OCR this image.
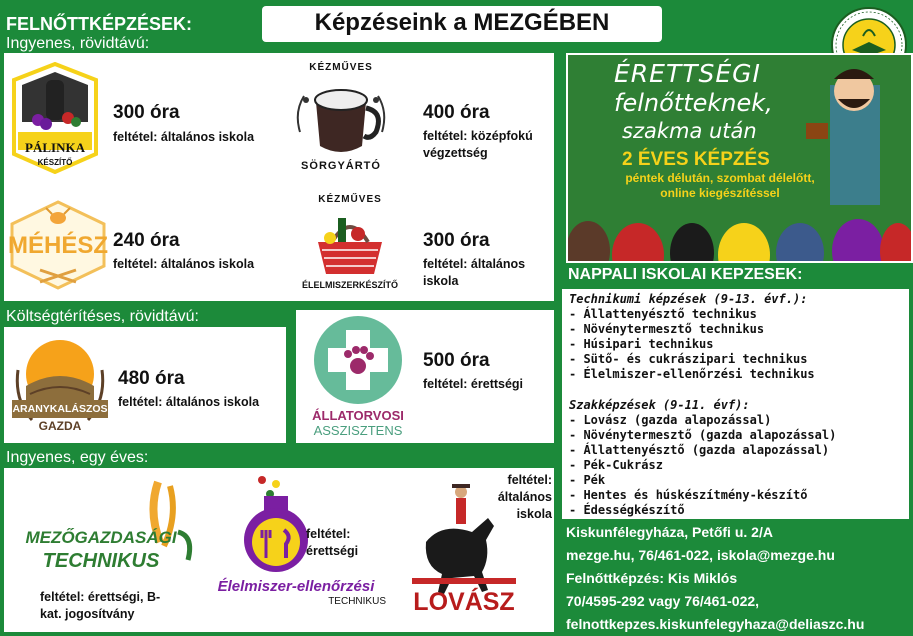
FELNŐTTKÉPZÉSEK:
Ingyenes, rövidtávú:
Képzéseink a MEZGÉBEN
PÁLINKA
KÉSZÍTŐ
300 óra
feltétel: általános iskola
KÉZMŰVES
SÖRGYÁRTÓ
400 óra
feltétel: középfokú végzettség
MÉHÉSZ 240 óra
feltétel: általános iskola
KÉZMŰVES
ÉLELMISZERKÉSZÍTŐ
300 óra
feltétel: általános iskola
Költségtérítéses, rövidtávú:
ARANYKALÁSZOS
GAZDA
480 óra
feltétel: általános iskola
ÁLLATORVOSI
ASSZISZTENS
500 óra
feltétel: érettségi
Ingyenes, egy éves:
MEZŐGAZDASÁGI
TECHNIKUS
feltétel: érettségi, B-kat. jogosítvány
Élelmiszer-ellenőrzési
TECHNIKUS
feltétel: érettségi
LOVÁSZ
feltétel: általános iskola
ÉRETTSÉGI
felnőtteknek,
szakma után
2 ÉVES KÉPZÉS
péntek délután, szombat délelőtt,
online kiegészítéssel
NAPPALI ISKOLAI KEPZESEK:
Technikumi képzések (9-13. évf.):
- Állattenyésztő technikus
- Növénytermesztő technikus
- Húsipari technikus
- Sütő- és cukrászipari technikus
- Élelmiszer-ellenőrzési technikus
Szakképzések (9-11. évf):
- Lovász (gazda alapozással)
- Növénytermesztő (gazda alapozással)
- Állattenyésztő (gazda alapozással)
- Pék-Cukrász
- Pék
- Hentes és húskészítmény-készítő
- Édességkészítő
Kiskunfélegyháza, Petőfi u. 2/A
mezge.hu, 76/461-022, iskola@mezge.hu
Felnőttképzés: Kis Miklós
70/4595-292 vagy 76/461-022,
felnottkepzes.kiskunfelegyhaza@deliaszc.hu
